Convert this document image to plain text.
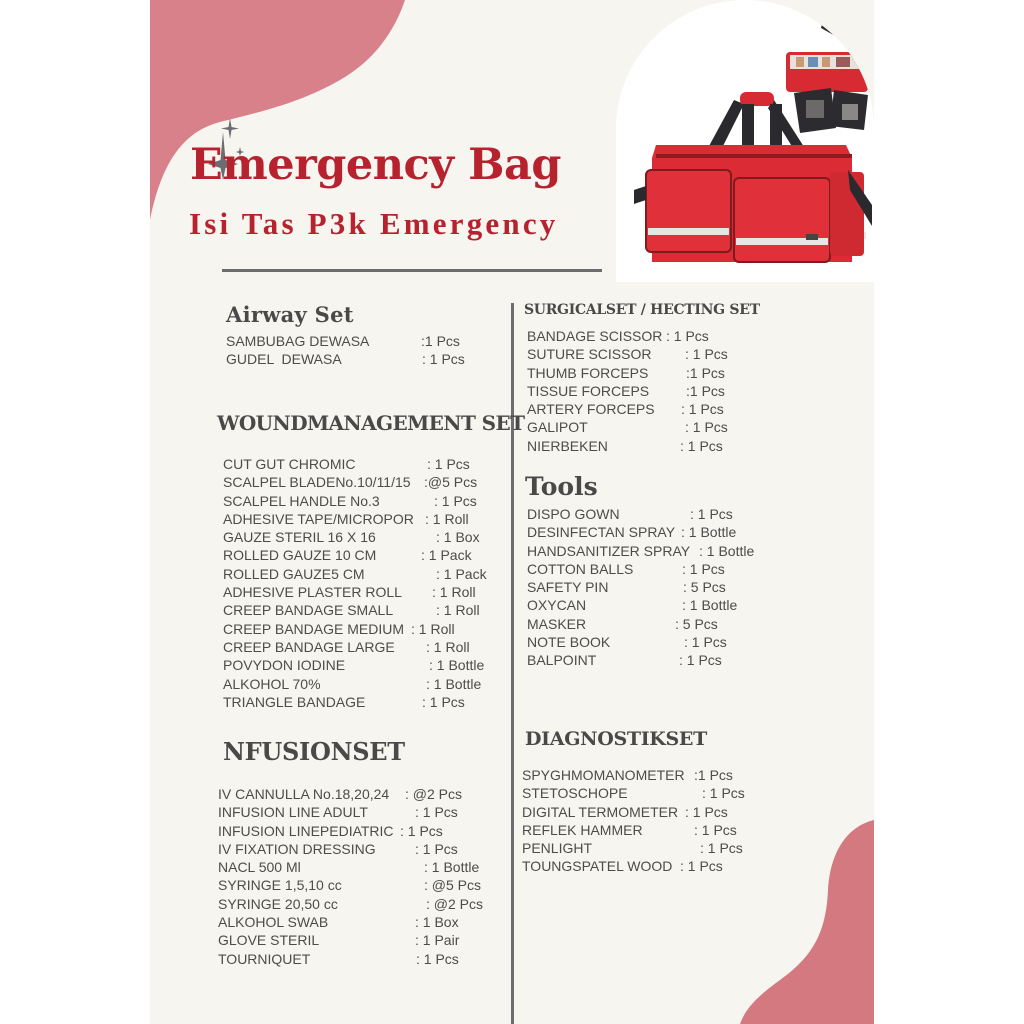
Emergency Bag
Isi Tas P3k Emergency
Airway Set
SAMBUBAG DEWASA	:1 Pcs
GUDEL  DEWASA	: 1 Pcs
WOUNDMANAGEMENT SET
CUT GUT CHROMIC	: 1 Pcs
SCALPEL BLADENo.10/11/15 :@5 Pcs
SCALPEL HANDLE No.3	: 1 Pcs
ADHESIVE TAPE/MICROPOR : 1 Roll
GAUZE STERIL 16 X 16	: 1 Box
ROLLED GAUZE 10 CM	: 1 Pack
ROLLED GAUZE5 CM	: 1 Pack
ADHESIVE PLASTER ROLL : 1 Roll
CREEP BANDAGE SMALL	: 1 Roll
CREEP BANDAGE MEDIUM : 1 Roll
CREEP BANDAGE LARGE : 1 Roll
POVYDON IODINE	: 1 Bottle
ALKOHOL 70%	: 1 Bottle
TRIANGLE BANDAGE	: 1 Pcs
NFUSIONSET
IV CANNULLA No.18,20,24 : @2 Pcs
INFUSION LINE ADULT	: 1 Pcs
INFUSION LINEPEDIATRIC : 1 Pcs
IV FIXATION DRESSING	: 1 Pcs
NACL 500 Ml	: 1 Bottle
SYRINGE 1,5,10 cc	: @5 Pcs
SYRINGE 20,50 cc	: @2 Pcs
ALKOHOL SWAB	: 1 Box
GLOVE STERIL	: 1 Pair
TOURNIQUET	: 1 Pcs
SURGICALSET / HECTING SET
BANDAGE SCISSOR : 1 Pcs
SUTURE SCISSOR : 1 Pcs
THUMB FORCEPS	:1 Pcs
TISSUE FORCEPS	:1 Pcs
ARTERY FORCEPS : 1 Pcs
GALIPOT	: 1 Pcs
NIERBEKEN	: 1 Pcs
Tools
DISPO GOWN	: 1 Pcs
DESINFECTAN SPRAY : 1 Bottle
HANDSANITIZER SPRAY : 1 Bottle
COTTON BALLS	: 1 Pcs
SAFETY PIN	: 5 Pcs
OXYCAN	: 1 Bottle
MASKER	: 5 Pcs
NOTE BOOK	: 1 Pcs
BALPOINT	: 1 Pcs
DIAGNOSTIKSET
SPYGHMOMANOMETER :1 Pcs
STETOSCHOPE	: 1 Pcs
DIGITAL TERMOMETER : 1 Pcs
REFLEK HAMMER	: 1 Pcs
PENLIGHT	: 1 Pcs
TOUNGSPATEL WOOD : 1 Pcs
